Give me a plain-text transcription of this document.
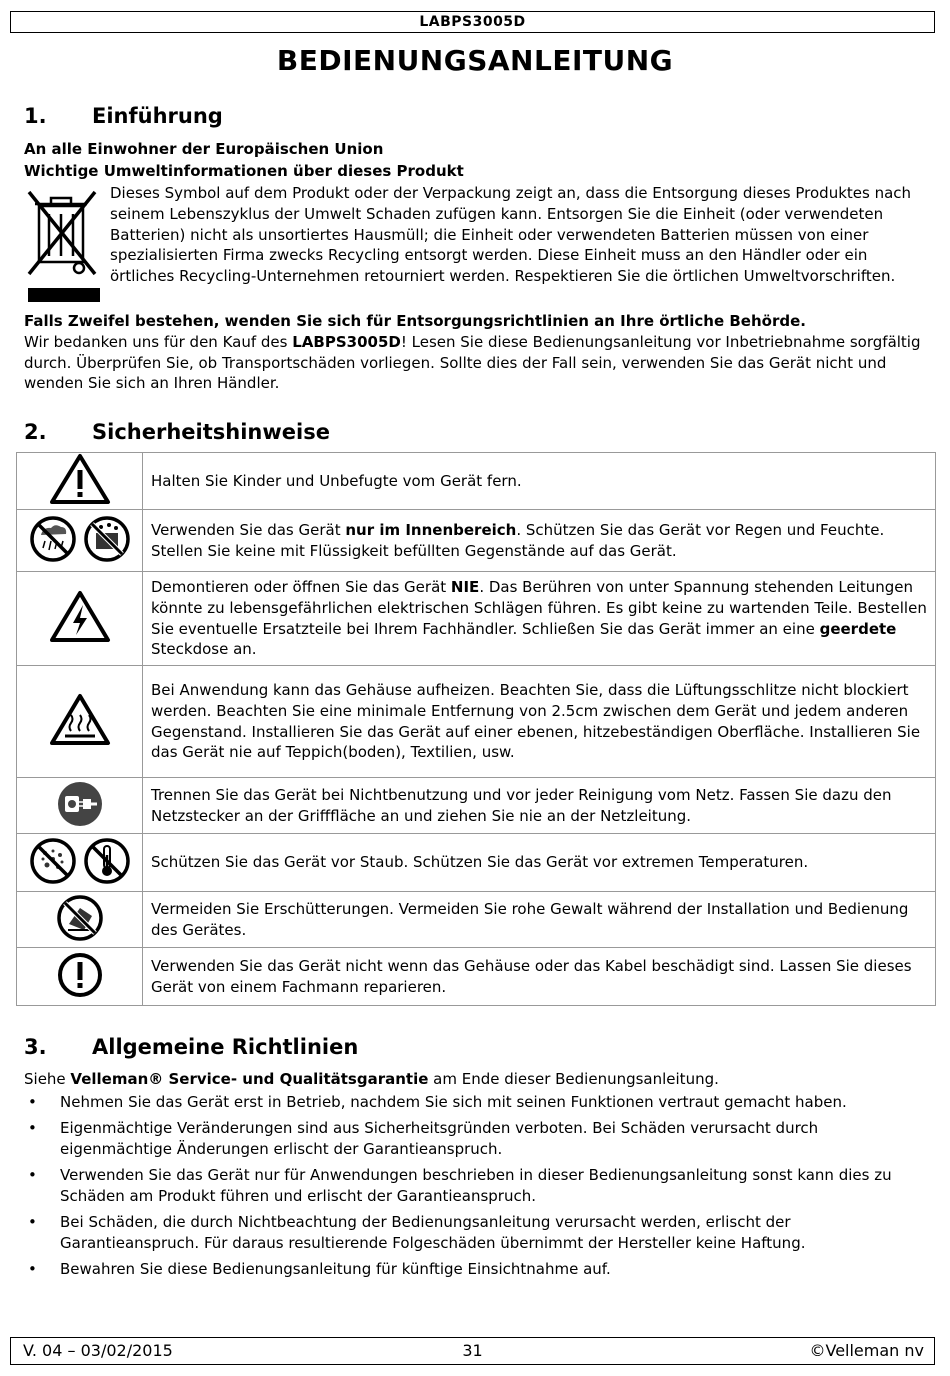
LABPS3005D
BEDIENUNGSANLEITUNG
1. Einführung
An alle Einwohner der Europäischen Union
Wichtige Umweltinformationen über dieses Produkt
Dieses Symbol auf dem Produkt oder der Verpackung zeigt an, dass die Entsorgung dieses Produktes nach seinem Lebenszyklus der Umwelt Schaden zufügen kann. Entsorgen Sie die Einheit (oder verwendeten Batterien) nicht als unsortiertes Hausmüll; die Einheit oder verwendeten Batterien müssen von einer spezialisierten Firma zwecks Recycling entsorgt werden. Diese Einheit muss an den Händler oder ein örtliches Recycling-Unternehmen retourniert werden. Respektieren Sie die örtlichen Umweltvorschriften.
Falls Zweifel bestehen, wenden Sie sich für Entsorgungsrichtlinien an Ihre örtliche Behörde.
Wir bedanken uns für den Kauf des LABPS3005D! Lesen Sie diese Bedienungsanleitung vor Inbetriebnahme sorgfältig durch. Überprüfen Sie, ob Transportschäden vorliegen. Sollte dies der Fall sein, verwenden Sie das Gerät nicht und wenden Sie sich an Ihren Händler.
2. Sicherheitshinweise
	Halten Sie Kinder und Unbefugte vom Gerät fern.

	Verwenden Sie das Gerät nur im Innenbereich. Schützen Sie das Gerät vor Regen und Feuchte. Stellen Sie keine mit Flüssigkeit befüllten Gegenstände auf das Gerät.

	Demontieren oder öffnen Sie das Gerät NIE. Das Berühren von unter Spannung stehenden Leitungen könnte zu lebensgefährlichen elektrischen Schlägen führen. Es gibt keine zu wartenden Teile. Bestellen Sie eventuelle Ersatzteile bei Ihrem Fachhändler. Schließen Sie das Gerät immer an eine geerdete Steckdose an.

	Bei Anwendung kann das Gehäuse aufheizen. Beachten Sie, dass die Lüftungsschlitze nicht blockiert werden. Beachten Sie eine minimale Entfernung von 2.5cm zwischen dem Gerät und jedem anderen Gegenstand. Installieren Sie das Gerät auf einer ebenen, hitzebeständigen Oberfläche. Installieren Sie das Gerät nie auf Teppich(boden), Textilien, usw.

	Trennen Sie das Gerät bei Nichtbenutzung und vor jeder Reinigung vom Netz. Fassen Sie dazu den Netzstecker an der Grifffläche an und ziehen Sie nie an der Netzleitung.

	Schützen Sie das Gerät vor Staub. Schützen Sie das Gerät vor extremen Temperaturen.

	Vermeiden Sie Erschütterungen. Vermeiden Sie rohe Gewalt während der Installation und Bedienung des Gerätes.

	Verwenden Sie das Gerät nicht wenn das Gehäuse oder das Kabel beschädigt sind. Lassen Sie dieses Gerät von einem Fachmann reparieren.
3. Allgemeine Richtlinien
Siehe Velleman® Service- und Qualitätsgarantie am Ende dieser Bedienungsanleitung.
• Nehmen Sie das Gerät erst in Betrieb, nachdem Sie sich mit seinen Funktionen vertraut gemacht haben.
• Eigenmächtige Veränderungen sind aus Sicherheitsgründen verboten. Bei Schäden verursacht durch eigenmächtige Änderungen erlischt der Garantieanspruch.
• Verwenden Sie das Gerät nur für Anwendungen beschrieben in dieser Bedienungsanleitung sonst kann dies zu Schäden am Produkt führen und erlischt der Garantieanspruch.
• Bei Schäden, die durch Nichtbeachtung der Bedienungsanleitung verursacht werden, erlischt der Garantieanspruch. Für daraus resultierende Folgeschäden übernimmt der Hersteller keine Haftung.
• Bewahren Sie diese Bedienungsanleitung für künftige Einsichtnahme auf.
V. 04 – 03/02/2015	31	©Velleman nv
